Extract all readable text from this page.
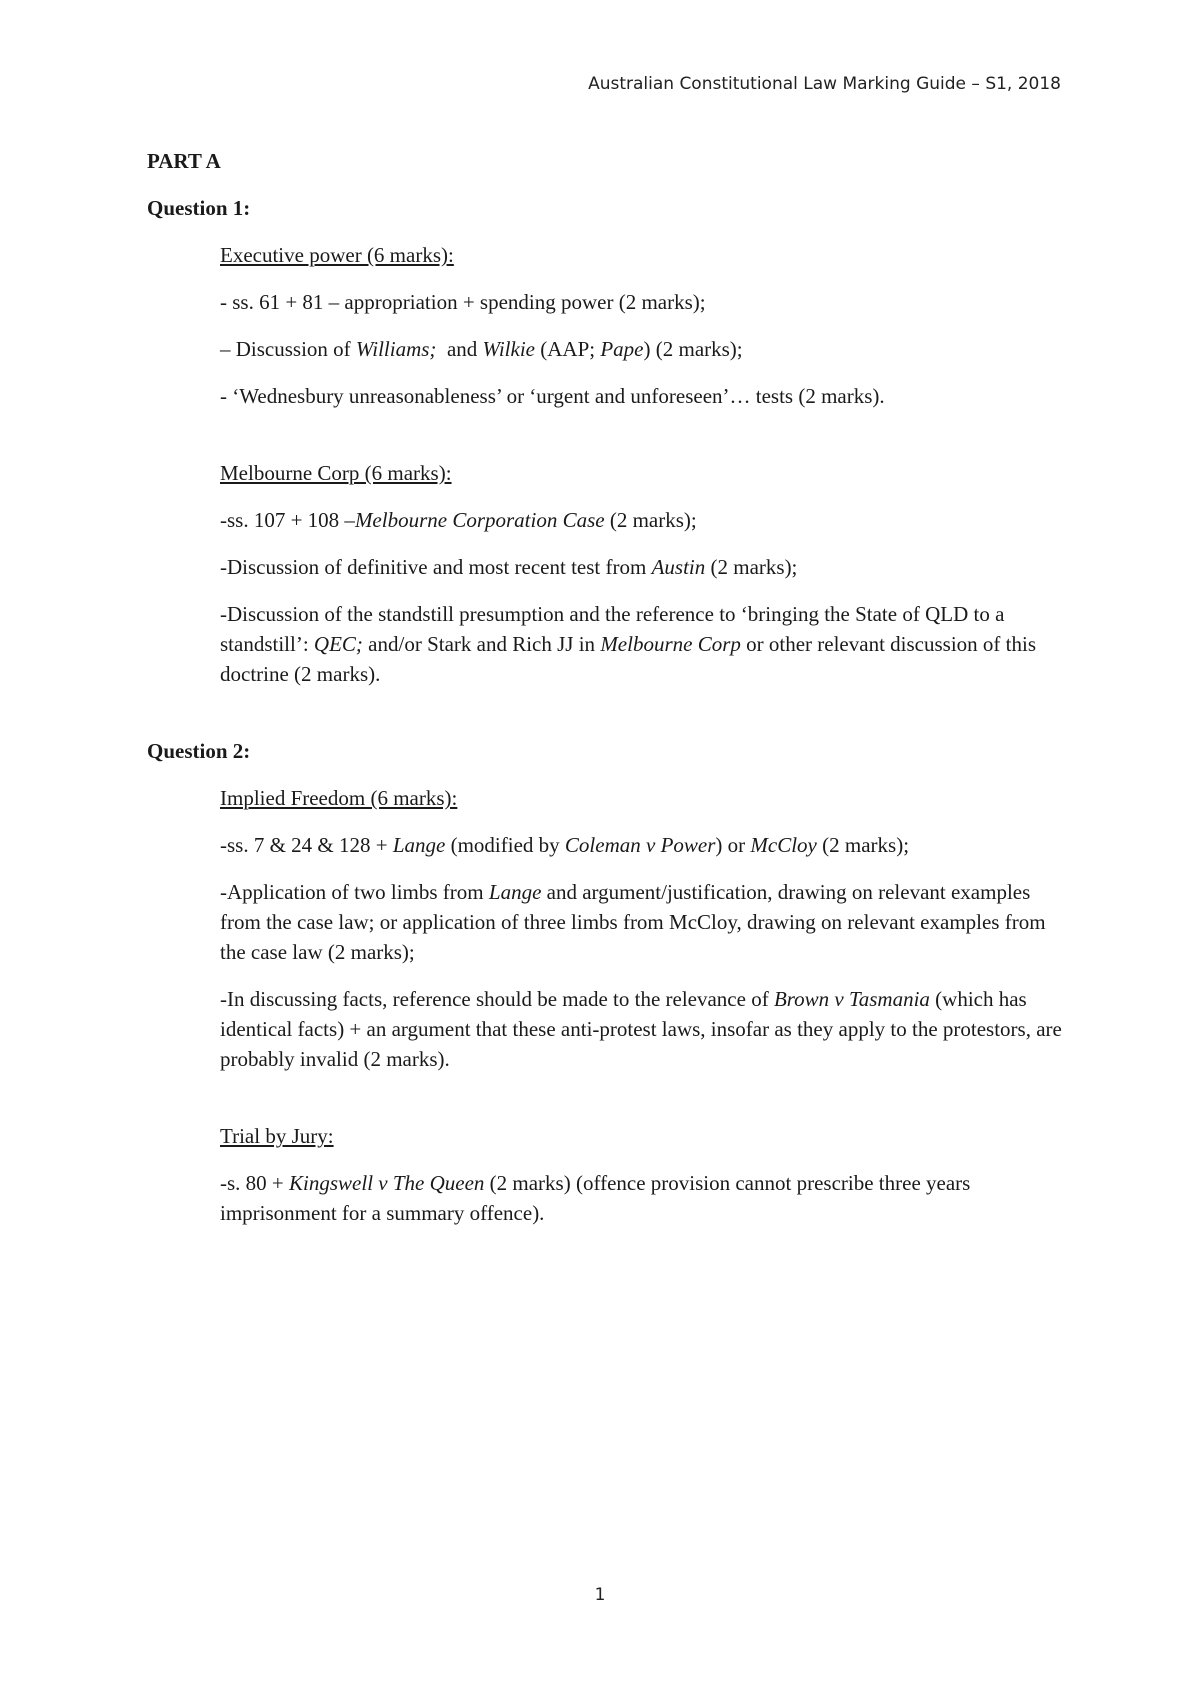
Australian Constitutional Law Marking Guide – S1, 2018
PART A
Question 1:
Executive power (6 marks):
- ss. 61 + 81 – appropriation + spending power (2 marks);
– Discussion of Williams;  and Wilkie (AAP; Pape) (2 marks);
- ‘Wednesbury unreasonableness’ or ‘urgent and unforeseen’… tests (2 marks).
Melbourne Corp (6 marks):
-ss. 107 + 108 –Melbourne Corporation Case (2 marks);
-Discussion of definitive and most recent test from Austin (2 marks);
-Discussion of the standstill presumption and the reference to ‘bringing the State of QLD to a standstill’: QEC; and/or Stark and Rich JJ in Melbourne Corp or other relevant discussion of this doctrine (2 marks).
Question 2:
Implied Freedom (6 marks):
-ss. 7 & 24 & 128 + Lange (modified by Coleman v Power) or McCloy (2 marks);
-Application of two limbs from Lange and argument/justification, drawing on relevant examples from the case law; or application of three limbs from McCloy, drawing on relevant examples from the case law (2 marks);
-In discussing facts, reference should be made to the relevance of Brown v Tasmania (which has identical facts) + an argument that these anti-protest laws, insofar as they apply to the protestors, are probably invalid (2 marks).
Trial by Jury:
-s. 80 + Kingswell v The Queen (2 marks) (offence provision cannot prescribe three years imprisonment for a summary offence).
1
